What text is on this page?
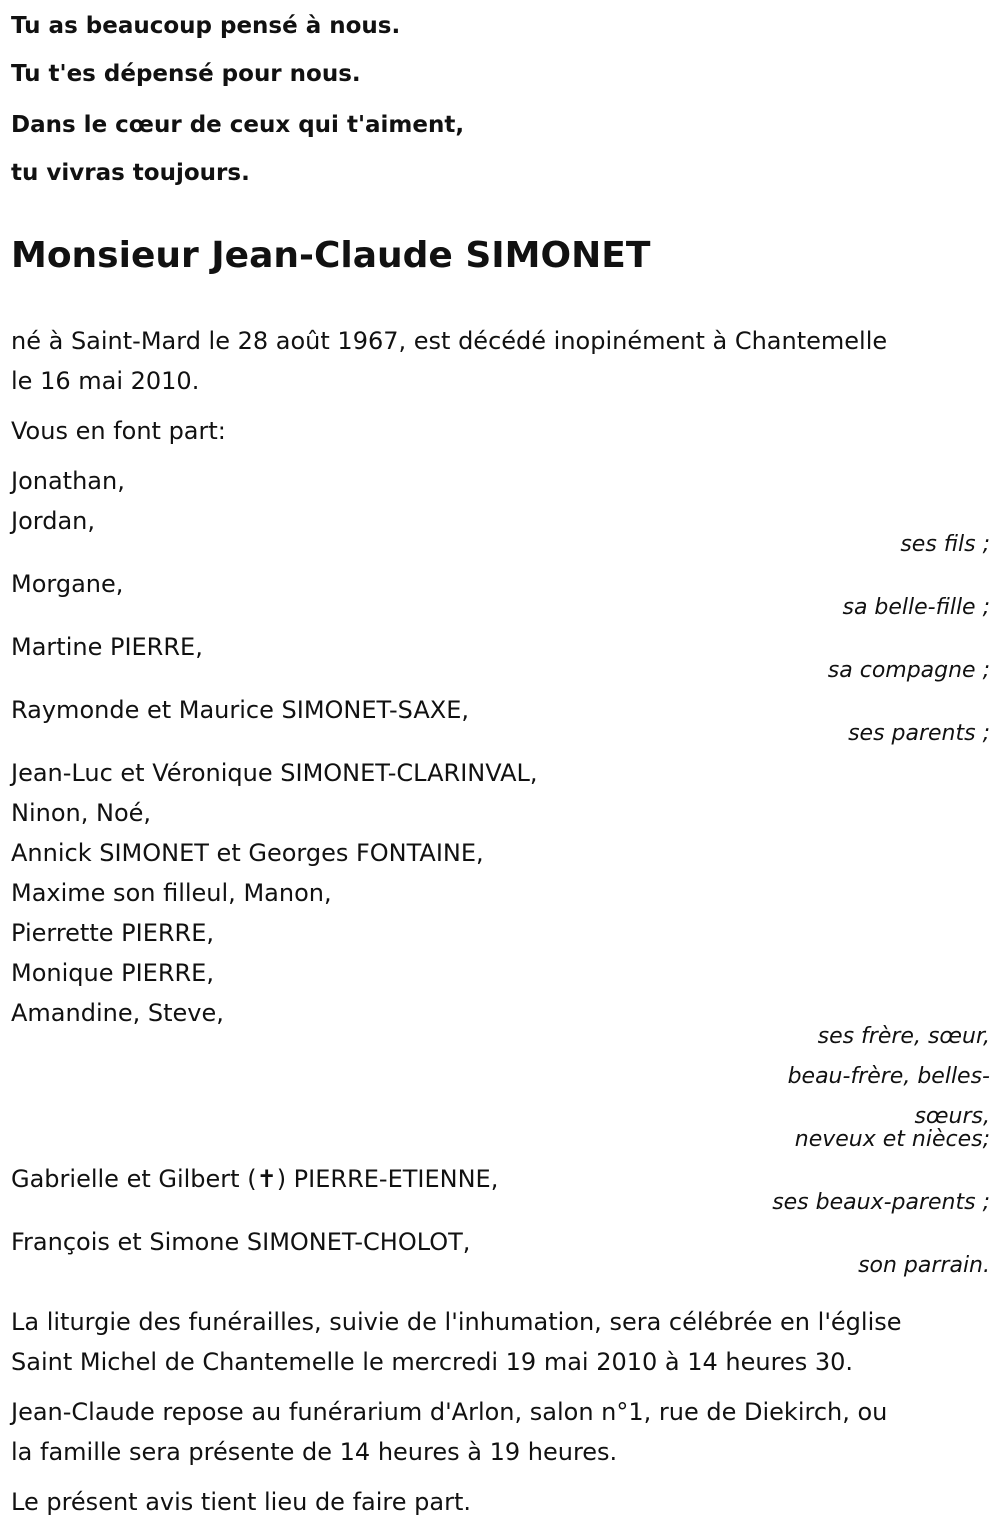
Tu as beaucoup pensé à nous.
Tu t'es dépensé pour nous.
Dans le cœur de ceux qui t'aiment,
tu vivras toujours.
Monsieur Jean-Claude SIMONET
né à Saint-Mard le 28 août 1967, est décédé inopinément à Chantemelle
le 16 mai 2010.
Vous en font part:
Jonathan,
Jordan,
ses fils ;
Morgane,
sa belle-fille ;
Martine PIERRE,
sa compagne ;
Raymonde et Maurice SIMONET-SAXE,
ses parents ;
Jean-Luc et Véronique SIMONET-CLARINVAL,
Ninon, Noé,
Annick SIMONET et Georges FONTAINE,
Maxime son filleul, Manon,
Pierrette PIERRE,
Monique PIERRE,
Amandine, Steve,
ses frère, sœur,
beau-frère, belles-
sœurs,
neveux et nièces;
Gabrielle et Gilbert (✝) PIERRE-ETIENNE,
ses beaux-parents ;
François et Simone SIMONET-CHOLOT,
son parrain.
La liturgie des funérailles, suivie de l'inhumation, sera célébrée en l'église
Saint Michel de Chantemelle le mercredi 19 mai 2010 à 14 heures 30.
Jean-Claude repose au funérarium d'Arlon, salon n°1, rue de Diekirch, ou
la famille sera présente de 14 heures à 19 heures.
Le présent avis tient lieu de faire part.
